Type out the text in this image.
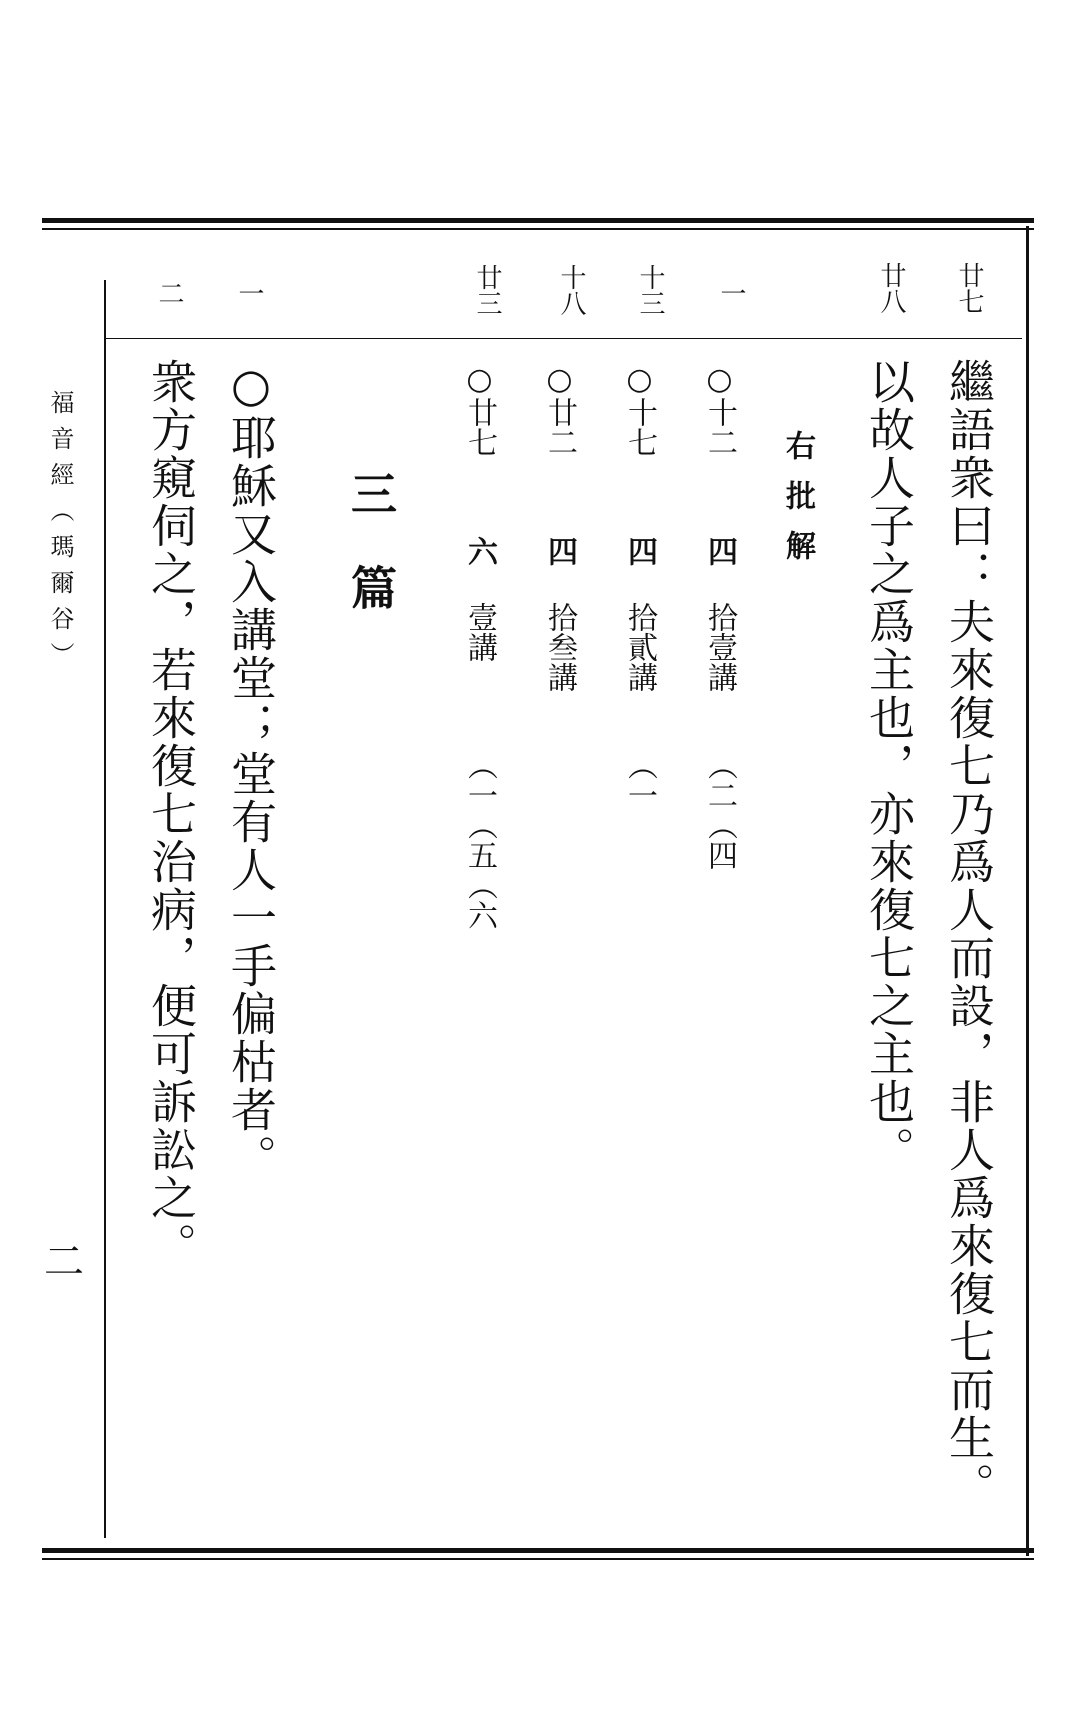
廿七
廿八
一
十三
十八
廿三
一
二
繼語衆曰：夫來復七乃爲人而設，非人爲來復七而生。
以故人子之爲主也，亦來復七之主也。
右批解
○十二
四
拾壹講
（二（四
○十七
四
拾貳講
（一
○廿二
四
拾叁講
○廿七
六
壹講
（一（五（六
三篇
○耶穌又入講堂；堂有人一手偏枯者。
衆方窺伺之，若來復七治病，便可訴訟之。
福音經（瑪爾谷）
二
